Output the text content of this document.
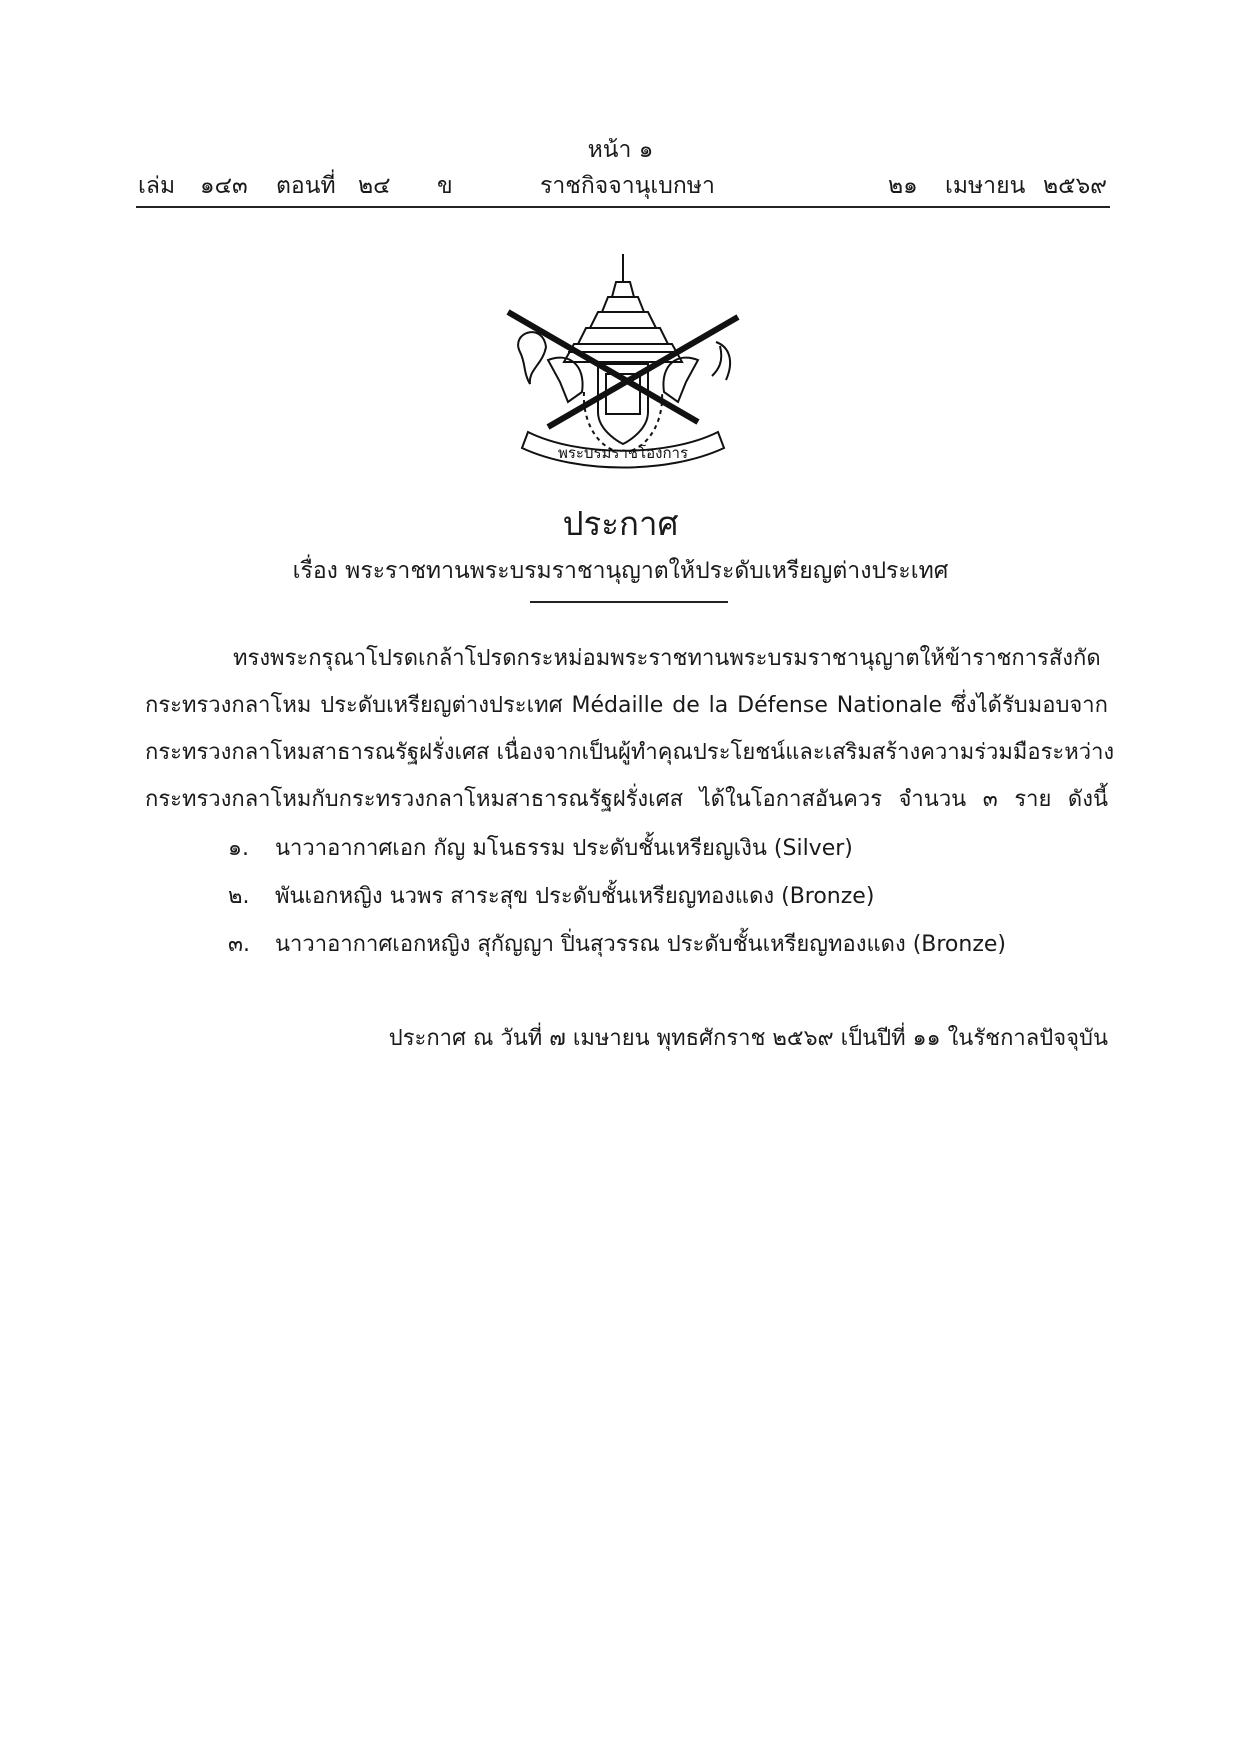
หน้า ๑
เล่ม ๑๔๓ ตอนที่ ๒๔ ข	ราชกิจจานุเบกษา	๒๑ เมษายน ๒๕๖๙
พระบรมราชโองการ
ประกาศ
เรื่อง พระราชทานพระบรมราชานุญาตให้ประดับเหรียญต่างประเทศ
ทรงพระกรุณาโปรดเกล้าโปรดกระหม่อมพระราชทานพระบรมราชานุญาตให้ข้าราชการสังกัด
กระทรวงกลาโหม ประดับเหรียญต่างประเทศ Médaille de la Défense Nationale ซึ่งได้รับมอบจาก
กระทรวงกลาโหมสาธารณรัฐฝรั่งเศส เนื่องจากเป็นผู้ทำคุณประโยชน์และเสริมสร้างความร่วมมือระหว่าง
กระทรวงกลาโหมกับกระทรวงกลาโหมสาธารณรัฐฝรั่งเศส ได้ในโอกาสอันควร จำนวน ๓ ราย ดังนี้
๑. นาวาอากาศเอก กัญ มโนธรรม ประดับชั้นเหรียญเงิน (Silver)
๒. พันเอกหญิง นวพร สาระสุข ประดับชั้นเหรียญทองแดง (Bronze)
๓. นาวาอากาศเอกหญิง สุกัญญา ปิ่นสุวรรณ ประดับชั้นเหรียญทองแดง (Bronze)
ประกาศ ณ วันที่ ๗ เมษายน พุทธศักราช ๒๕๖๙ เป็นปีที่ ๑๑ ในรัชกาลปัจจุบัน
